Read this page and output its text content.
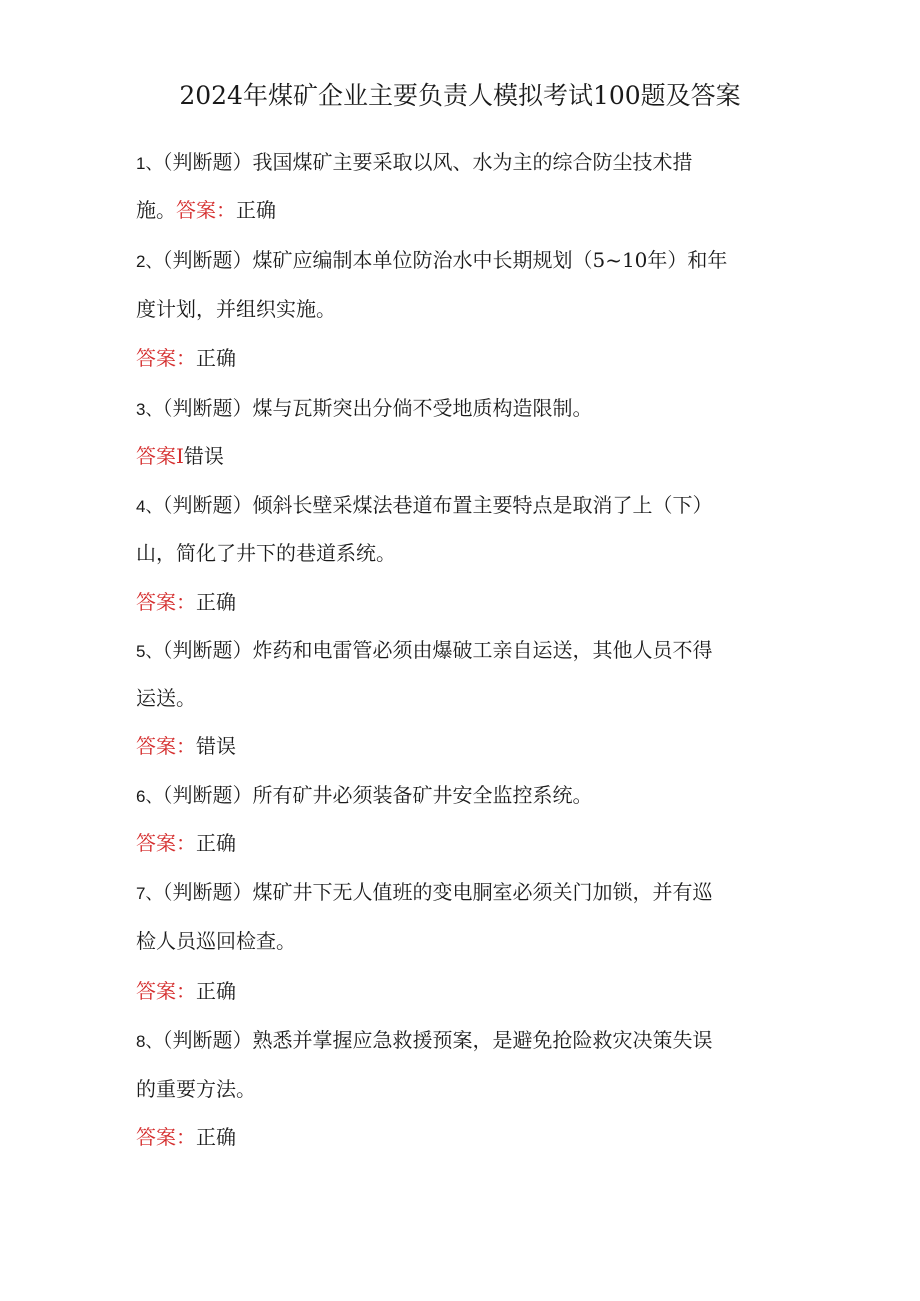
2024年煤矿企业主要负责人模拟考试100题及答案
1、（判断题）我国煤矿主要采取以风、水为主的综合防尘技术措
施。答案：正确
2、（判断题）煤矿应编制本单位防治水中长期规划（5~10年）和年
度计划，并组织实施。
答案：正确
3、（判断题）煤与瓦斯突出分倘不受地质构造限制。
答案I错误
4、（判断题）倾斜长壁采煤法巷道布置主要特点是取消了上（下）
山，简化了井下的巷道系统。
答案：正确
5、（判断题）炸药和电雷管必须由爆破工亲自运送，其他人员不得
运送。
答案：错误
6、（判断题）所有矿井必须装备矿井安全监控系统。
答案：正确
7、（判断题）煤矿井下无人值班的变电胴室必须关门加锁，并有巡
检人员巡回检查。
答案：正确
8、（判断题）熟悉并掌握应急救援预案，是避免抢险救灾决策失误
的重要方法。
答案：正确
